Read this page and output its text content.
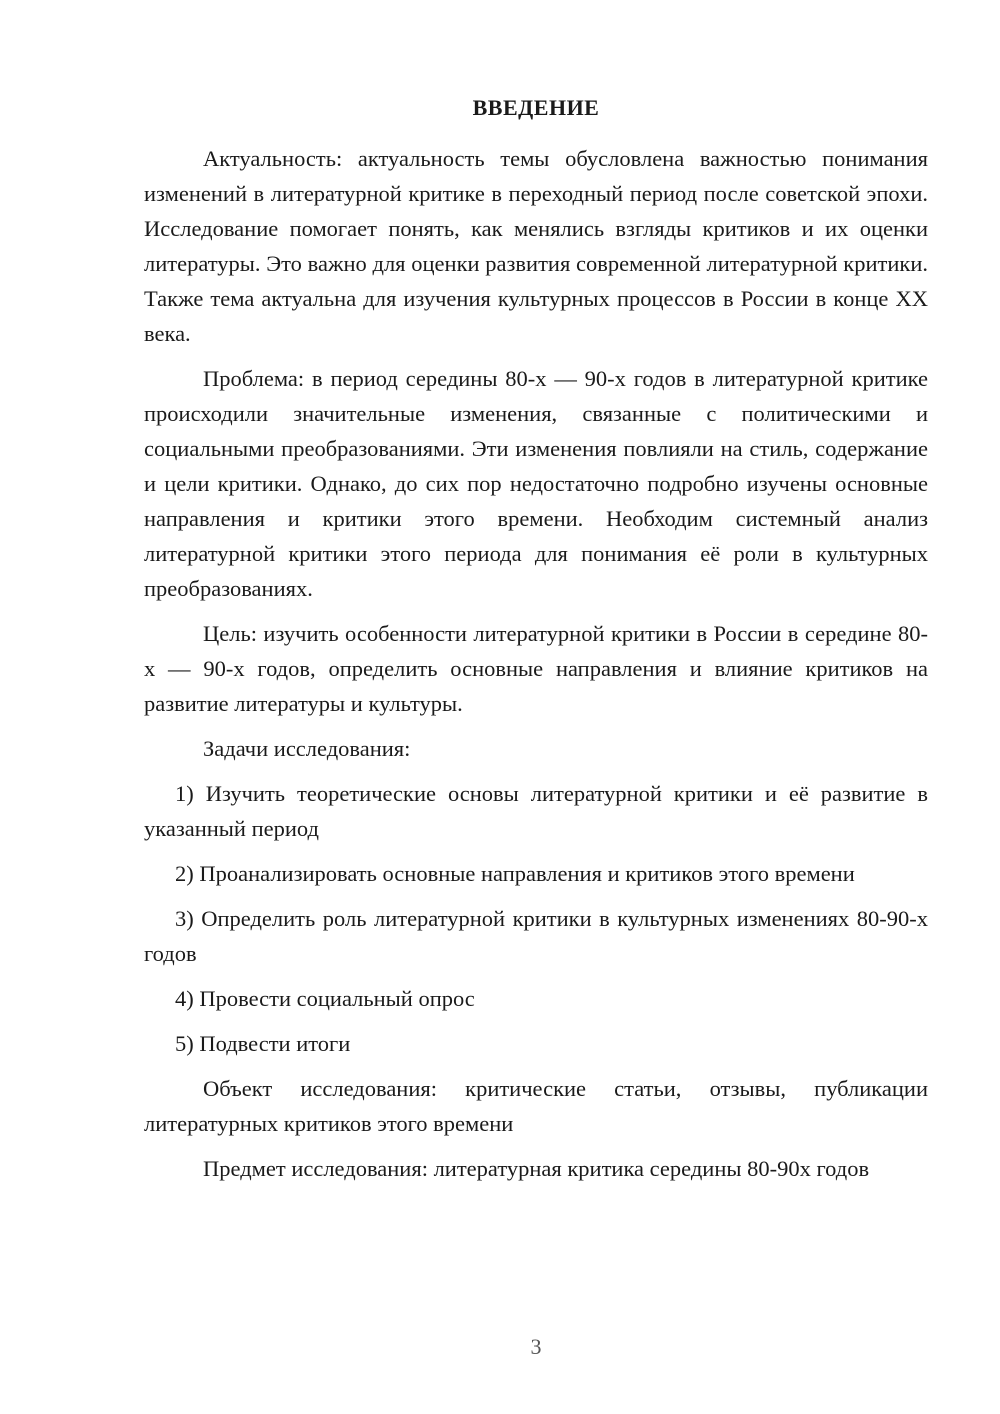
ВВЕДЕНИЕ

Актуальность: актуальность темы обусловлена важностью понимания изменений в литературной критике в переходный период после советской эпохи. Исследование помогает понять, как менялись взгляды критиков и их оценки литературы. Это важно для оценки развития современной литературной критики. Также тема актуальна для изучения культурных процессов в России в конце XX века.

Проблема: в период середины 80-х — 90-х годов в литературной критике происходили значительные изменения, связанные с политическими и социальными преобразованиями. Эти изменения повлияли на стиль, содержание и цели критики. Однако, до сих пор недостаточно подробно изучены основные направления и критики этого времени. Необходим системный анализ литературной критики этого периода для понимания её роли в культурных преобразованиях.

Цель: изучить особенности литературной критики в России в середине 80-х — 90-х годов, определить основные направления и влияние критиков на развитие литературы и культуры.

Задачи исследования:

1) Изучить теоретические основы литературной критики и её развитие в указанный период

2) Проанализировать основные направления и критиков этого времени

3) Определить роль литературной критики в культурных изменениях 80-90-х годов

4) Провести социальный опрос

5) Подвести итоги

Объект исследования: критические статьи, отзывы, публикации литературных критиков этого времени

Предмет исследования: литературная критика середины 80-90х годов

3
